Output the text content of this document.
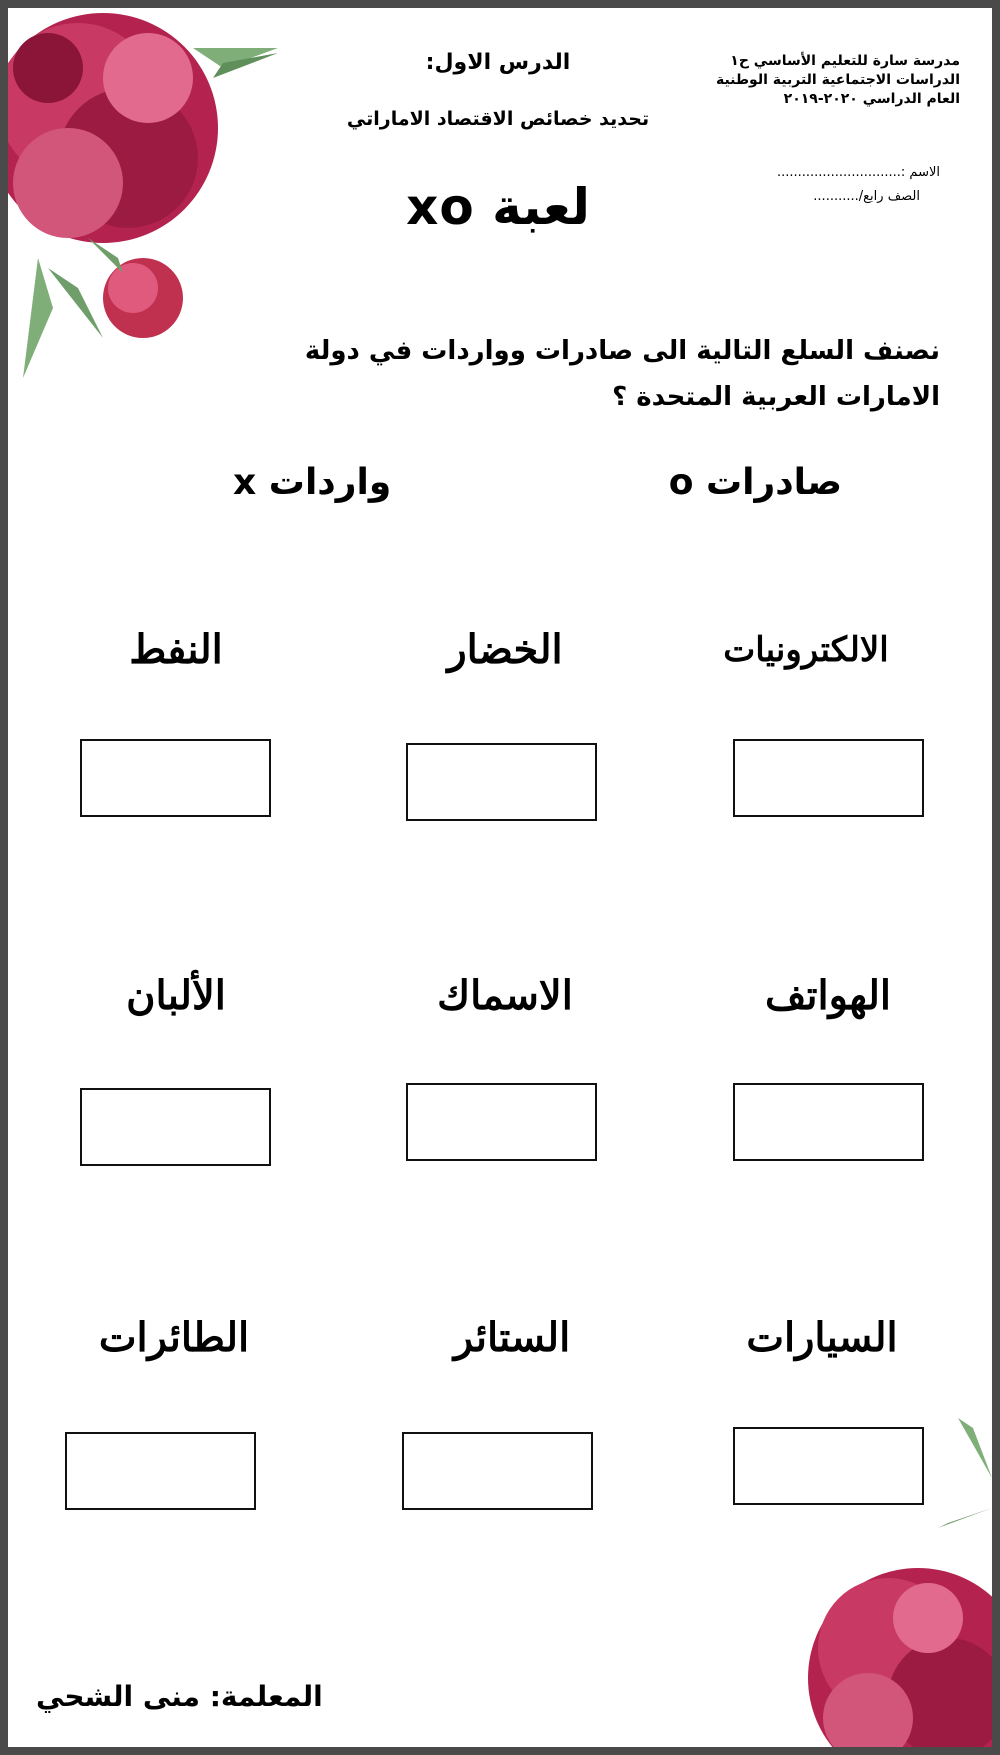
مدرسة سارة للتعليم الأساسي ح١
الدراسات الاجتماعية التربية الوطنية
العام الدراسي ٢٠٢٠-٢٠١٩
الاسم :..............................
الصف رابع/...........
الدرس الاول:
تحديد خصائص الاقتصاد الاماراتي
لعبة xo
نصنف السلع التالية الى صادرات وواردات في دولة الامارات العربية المتحدة ؟
صادرات o
واردات x
الالكترونيات
الخضار
النفط
الهواتف
الاسماك
الألبان
السيارات
الستائر
الطائرات
المعلمة: منى الشحي
